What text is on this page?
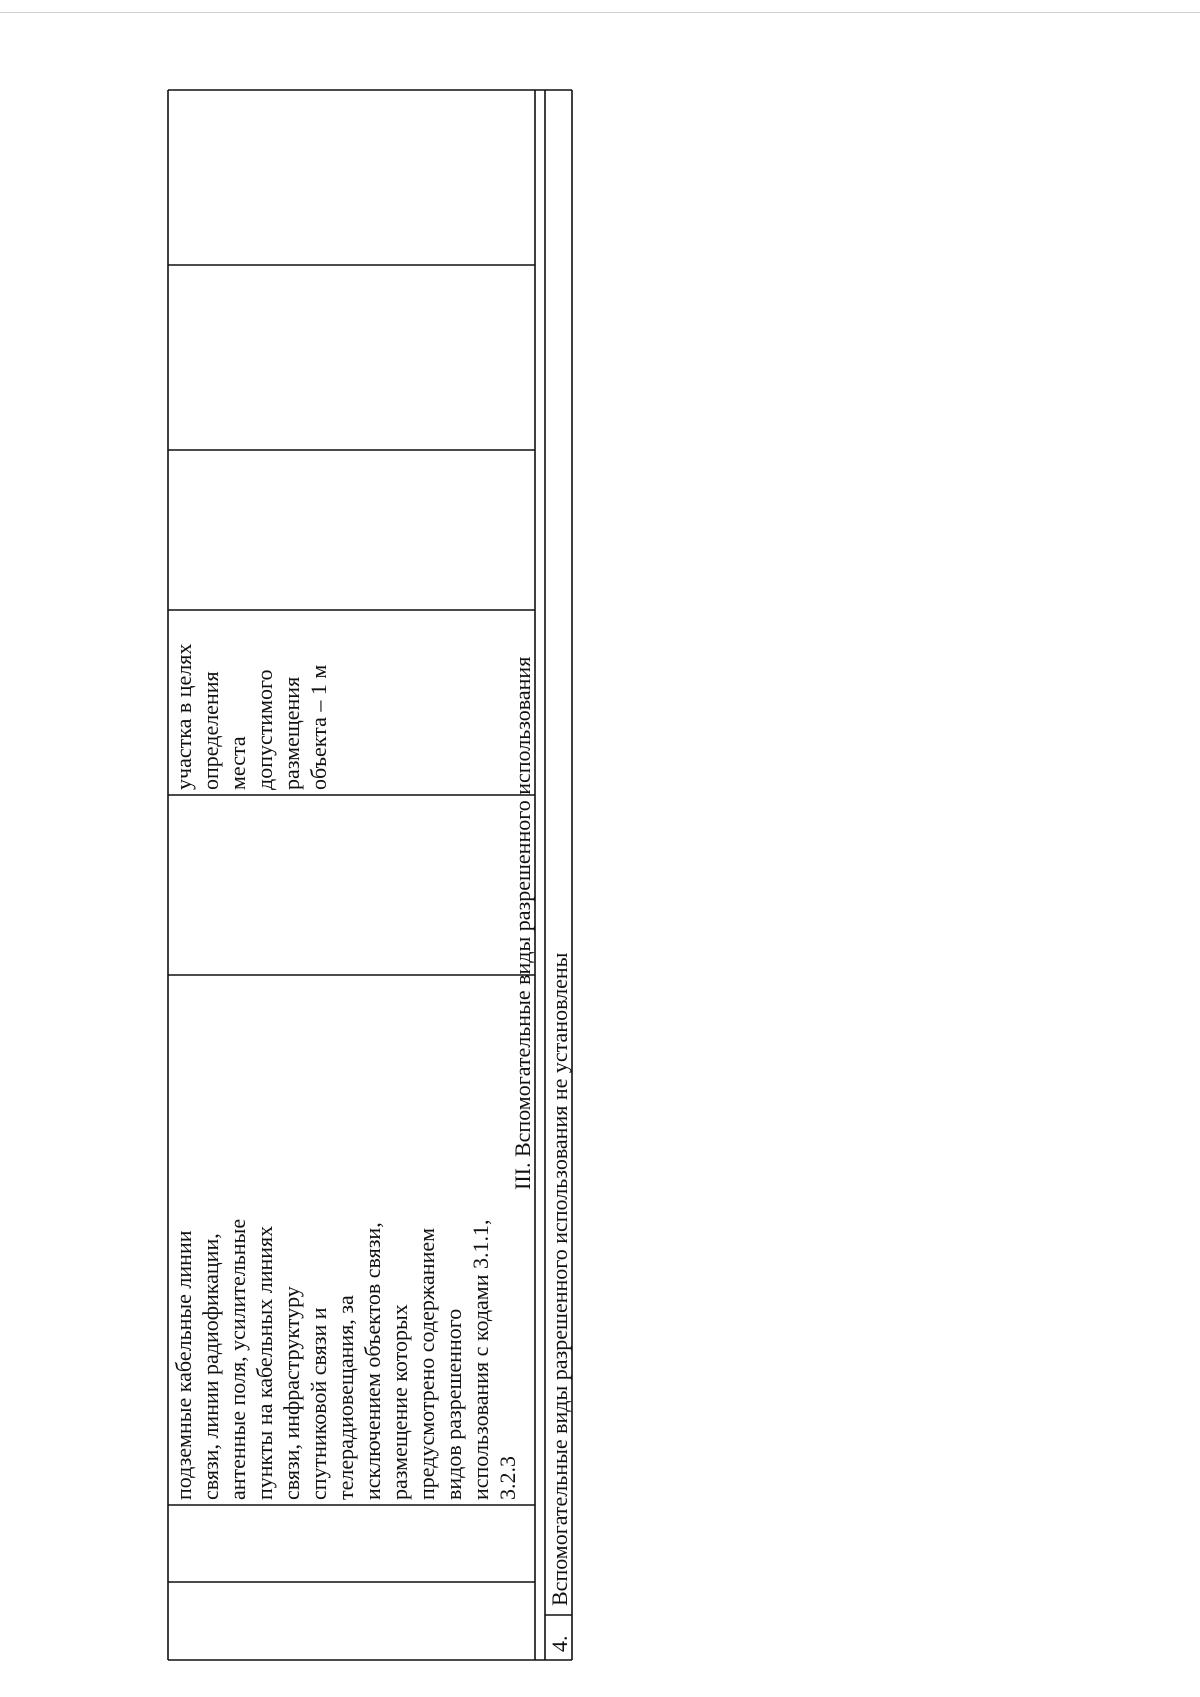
подземные кабельные линии связи, линии радиофикации, антенные поля, усилительные пункты на кабельных линиях связи, инфраструктуру спутниковой связи и телерадиовещания, за исключением объектов связи, размещение которых предусмотрено содержанием видов разрешенного использования с кодами 3.1.1, 3.2.3
участка в целях определения места допустимого размещения объекта – 1 м	III. Вспомогательные виды разрешенного использования
4.
Вспомогательные виды разрешенного использования не установлены
